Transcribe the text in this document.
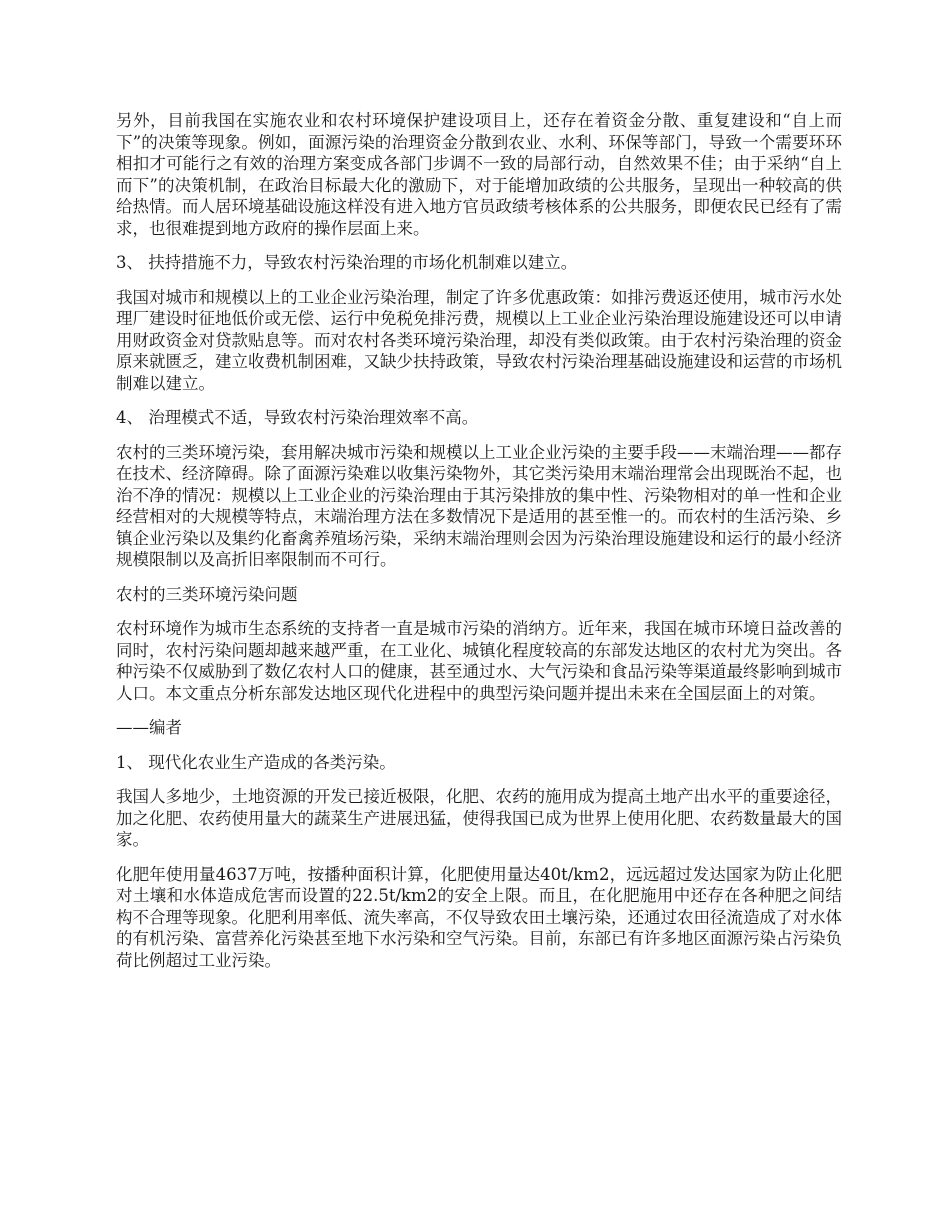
另外，目前我国在实施农业和农村环境保护建设项目上，还存在着资金分散、重复建设和“自上而下”的决策等现象。例如，面源污染的治理资金分散到农业、水利、环保等部门，导致一个需要环环相扣才可能行之有效的治理方案变成各部门步调不一致的局部行动，自然效果不佳；由于采纳“自上而下”的决策机制，在政治目标最大化的激励下，对于能增加政绩的公共服务，呈现出一种较高的供给热情。而人居环境基础设施这样没有进入地方官员政绩考核体系的公共服务，即便农民已经有了需求，也很难提到地方政府的操作层面上来。

3、 扶持措施不力，导致农村污染治理的市场化机制难以建立。

我国对城市和规模以上的工业企业污染治理，制定了许多优惠政策：如排污费返还使用，城市污水处理厂建设时征地低价或无偿、运行中免税免排污费，规模以上工业企业污染治理设施建设还可以申请用财政资金对贷款贴息等。而对农村各类环境污染治理，却没有类似政策。由于农村污染治理的资金原来就匮乏，建立收费机制困难，又缺少扶持政策，导致农村污染治理基础设施建设和运营的市场机制难以建立。

4、 治理模式不适，导致农村污染治理效率不高。

农村的三类环境污染，套用解决城市污染和规模以上工业企业污染的主要手段——末端治理——都存在技术、经济障碍。除了面源污染难以收集污染物外，其它类污染用末端治理常会出现既治不起，也治不净的情况：规模以上工业企业的污染治理由于其污染排放的集中性、污染物相对的单一性和企业经营相对的大规模等特点，末端治理方法在多数情况下是适用的甚至惟一的。而农村的生活污染、乡镇企业污染以及集约化畜禽养殖场污染，采纳末端治理则会因为污染治理设施建设和运行的最小经济规模限制以及高折旧率限制而不可行。

农村的三类环境污染问题

农村环境作为城市生态系统的支持者一直是城市污染的消纳方。近年来，我国在城市环境日益改善的同时，农村污染问题却越来越严重，在工业化、城镇化程度较高的东部发达地区的农村尤为突出。各种污染不仅威胁到了数亿农村人口的健康，甚至通过水、大气污染和食品污染等渠道最终影响到城市人口。本文重点分析东部发达地区现代化进程中的典型污染问题并提出未来在全国层面上的对策。

——编者

1、 现代化农业生产造成的各类污染。

我国人多地少，土地资源的开发已接近极限，化肥、农药的施用成为提高土地产出水平的重要途径，加之化肥、农药使用量大的蔬菜生产进展迅猛，使得我国已成为世界上使用化肥、农药数量最大的国家。

化肥年使用量4637万吨，按播种面积计算，化肥使用量达40t/km2，远远超过发达国家为防止化肥对土壤和水体造成危害而设置的22.5t/km2的安全上限。而且，在化肥施用中还存在各种肥之间结构不合理等现象。化肥利用率低、流失率高，不仅导致农田土壤污染，还通过农田径流造成了对水体的有机污染、富营养化污染甚至地下水污染和空气污染。目前，东部已有许多地区面源污染占污染负荷比例超过工业污染。
